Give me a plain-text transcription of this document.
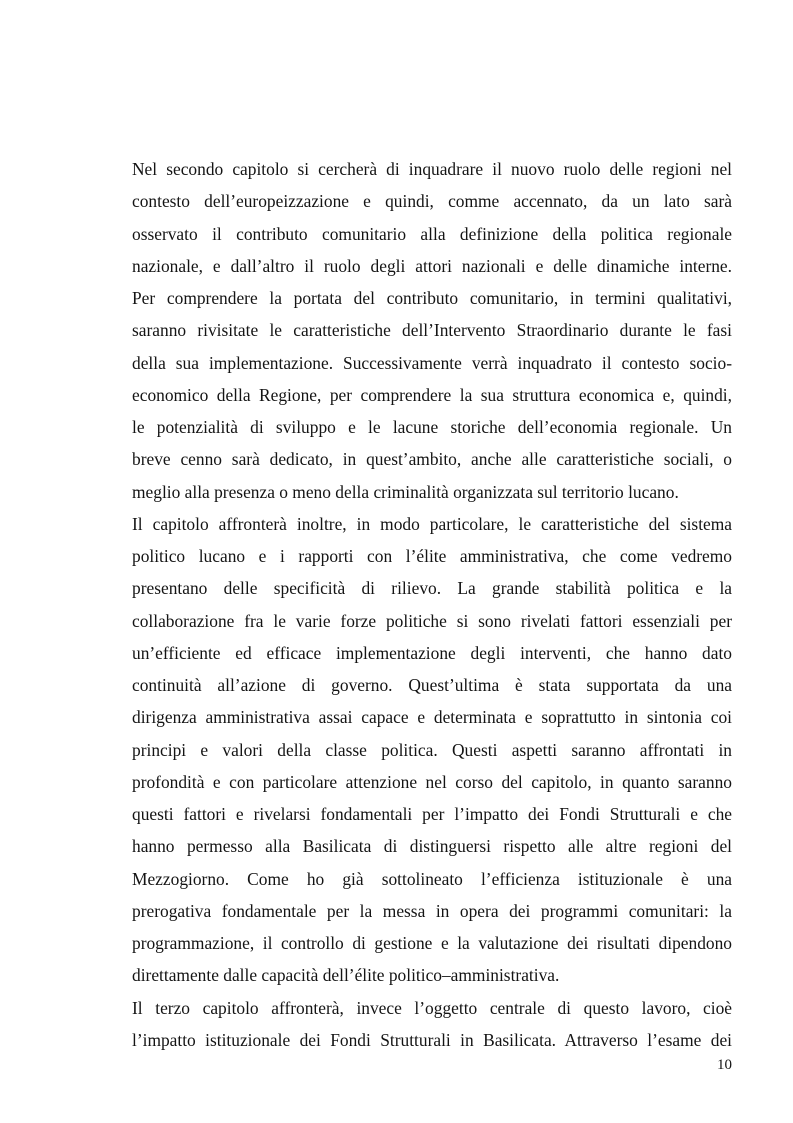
Nel secondo capitolo si cercherà di inquadrare il nuovo ruolo delle regioni nel
contesto dell’europeizzazione e quindi, comme accennato, da un lato sarà
osservato il contributo comunitario alla definizione della politica regionale
nazionale, e dall’altro il ruolo degli attori nazionali e delle dinamiche interne.
Per comprendere la portata del contributo comunitario, in termini qualitativi,
saranno rivisitate le caratteristiche dell’Intervento Straordinario durante le fasi
della sua implementazione. Successivamente verrà inquadrato il contesto socio-
economico della Regione, per comprendere la sua struttura economica e, quindi,
le potenzialità di sviluppo e le lacune storiche dell’economia regionale. Un
breve cenno sarà dedicato, in quest’ambito, anche alle caratteristiche sociali, o
meglio alla presenza o meno della criminalità organizzata sul territorio lucano.
Il capitolo affronterà inoltre, in modo particolare, le caratteristiche del sistema
politico lucano e i rapporti con l’élite amministrativa, che come vedremo
presentano delle specificità di rilievo. La grande stabilità politica e la
collaborazione fra le varie forze politiche si sono rivelati fattori essenziali per
un’efficiente ed efficace implementazione degli interventi, che hanno dato
continuità all’azione di governo. Quest’ultima è stata supportata da una
dirigenza amministrativa assai capace e determinata e soprattutto in sintonia coi
principi e valori della classe politica. Questi aspetti saranno affrontati in
profondità e con particolare attenzione nel corso del capitolo, in quanto saranno
questi fattori e rivelarsi fondamentali per l’impatto dei Fondi Strutturali e che
hanno permesso alla Basilicata di distinguersi rispetto alle altre regioni del
Mezzogiorno. Come ho già sottolineato l’efficienza istituzionale è una
prerogativa fondamentale per la messa in opera dei programmi comunitari: la
programmazione, il controllo di gestione e la valutazione dei risultati dipendono
direttamente dalle capacità dell’élite politico–amministrativa.
Il terzo capitolo affronterà, invece l’oggetto centrale di questo lavoro, cioè
l’impatto istituzionale dei Fondi Strutturali in Basilicata. Attraverso l’esame dei
10
